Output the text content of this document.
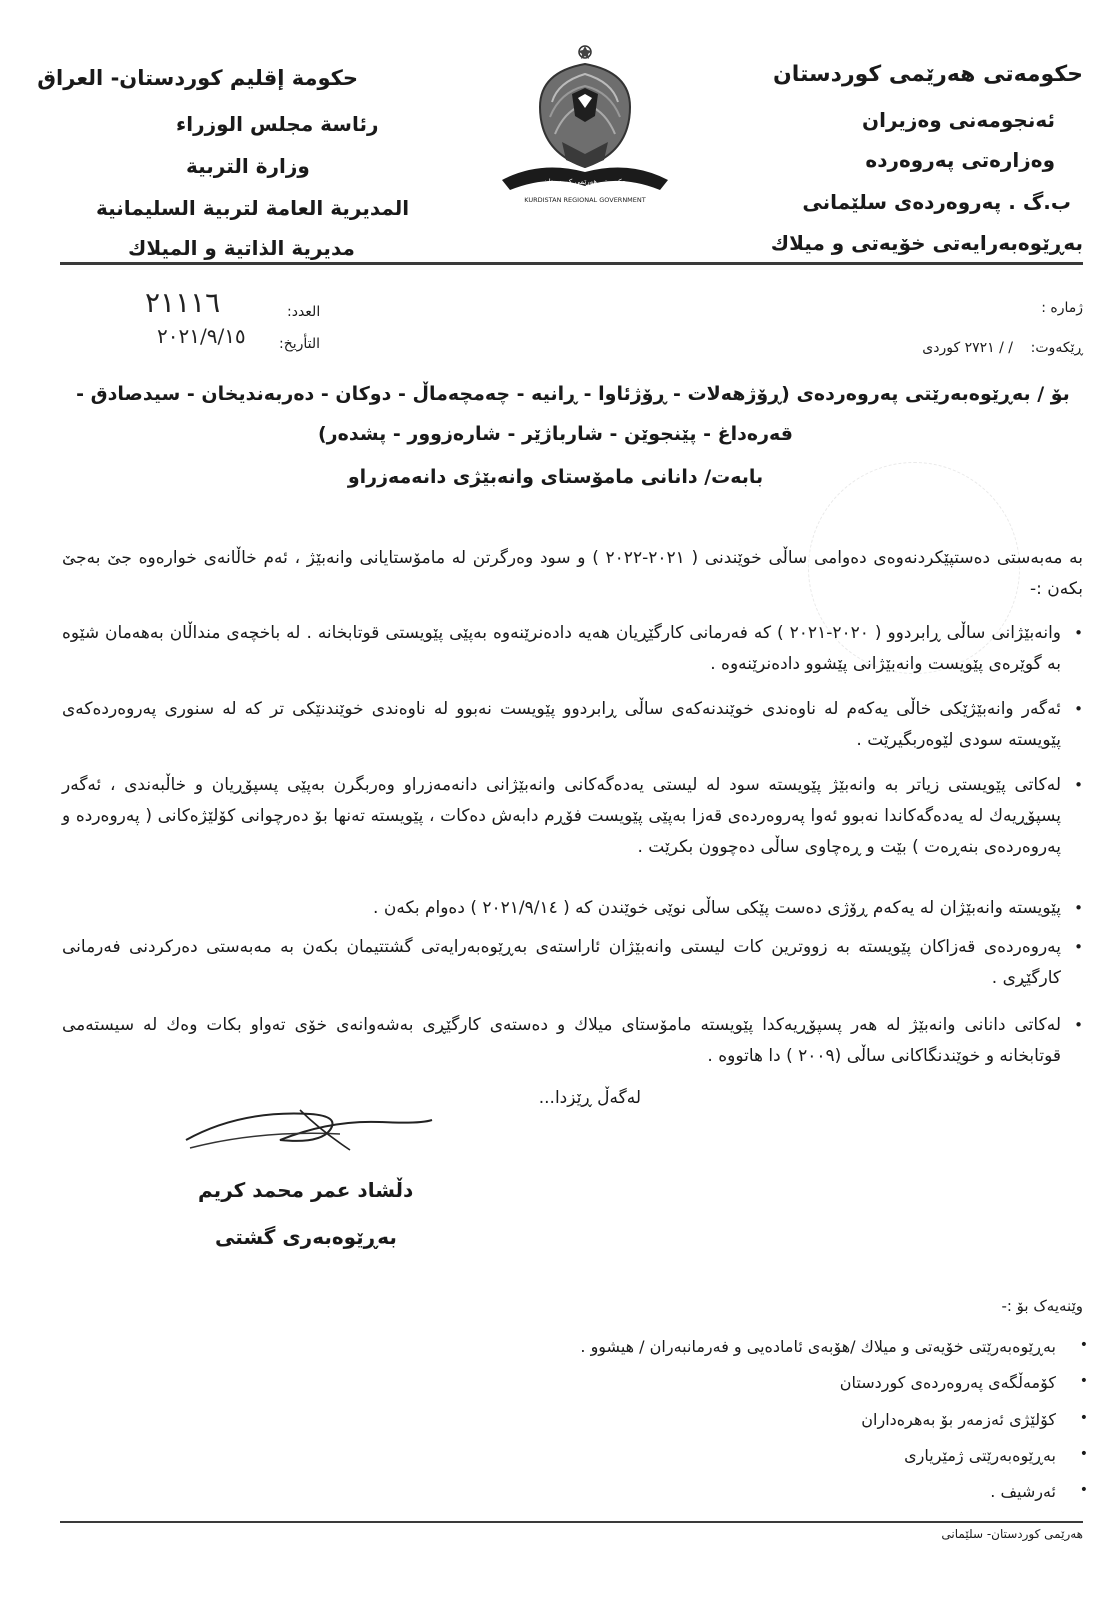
حکومەتی هەرێمی کوردستان
ئەنجومەنی وەزیران
وەزارەتی پەروەردە
ب.گ . پەروەردەی سلێمانی
بەڕێوەبەرایەتی خۆیەتی و میلاك
حكومة إقليم كوردستان- العراق
رئاسة مجلس الوزراء
وزارة التربية
المديرية العامة لتربية السليمانية
مديرية الذاتية و الميلاك
حکومەتی هەرێمی کوردستان
KURDISTAN REGIONAL GOVERNMENT
٢١١١٦	العدد:
٢٠٢١/٩/١٥ التأريخ:
ژمارە :
ڕێکەوت:
/ / ٢٧٢١ کوردی
بۆ / بەڕێوەبەرێتی پەروەردەی (ڕۆژهەلات - ڕۆژئاوا - ڕانیە - چەمچەماڵ - دوکان - دەربەندیخان - سیدصادق -
قەرەداغ - پێنجوێن - شارباژێر - شارەزوور - پشدەر)
بابەت/ دانانی مامۆستای وانەبێژی دانەمەزراو
بە مەبەستی دەستپێکردنەوەی دەوامی ساڵی خوێندنی ( ٢٠٢١-٢٠٢٢ ) و سود وەرگرتن لە مامۆستایانی وانەبێژ ، ئەم خاڵانەی خوارەوە جێ بەجێ بکەن :-
•
وانەبێژانی ساڵی ڕابردوو ( ٢٠٢٠-٢٠٢١ ) کە فەرمانی کارگێڕیان هەیە دادەنرێنەوە بەپێی پێویستی قوتابخانە . لە باخچەی منداڵان بەهەمان شێوە بە گوێرەی پێویست وانەبێژانی پێشوو دادەنرێنەوە .
•
ئەگەر وانەبێژێکی خاڵی یەکەم لە ناوەندی خوێندنەکەی ساڵی ڕابردوو پێویست نەبوو لە ناوەندی خوێندنێکی تر کە لە سنوری پەروەردەکەی پێویستە سودی لێوەربگیرێت .
•
لەکاتی پێویستی زیاتر بە وانەبێژ پێویستە سود لە لیستی یەدەگەکانی وانەبێژانی دانەمەزراو وەربگرن بەپێی پسپۆڕیان و خاڵبەندی ، ئەگەر پسپۆڕیەك لە یەدەگەکاندا نەبوو ئەوا پەروەردەی قەزا بەپێی پێویست فۆڕم دابەش دەکات ، پێویستە تەنها بۆ دەرچوانی کۆلێژەکانی ( پەروەردە و پەروەردەی بنەڕەت ) بێت و ڕەچاوی ساڵی دەچوون بکرێت .
•
پێویستە وانەبێژان لە یەکەم ڕۆژی دەست پێکی ساڵی نوێی خوێندن کە ( ٢٠٢١/٩/١٤ ) دەوام بکەن .
•
پەروەردەی قەزاکان پێویستە بە زووترین کات لیستی وانەبێژان ئاراستەی بەڕێوەبەرایەتی گشتتیمان بکەن بە مەبەستی دەرکردنی فەرمانی کارگێڕی .
•
لەکاتی دانانی وانەبێژ لە هەر پسپۆڕیەکدا پێویستە مامۆستای میلاك و دەستەی کارگێڕی بەشەوانەی خۆی تەواو بکات وەك لە سیستەمی قوتابخانە و خوێندنگاکانی ساڵی (٢٠٠٩ ) دا هاتووە .
لەگەڵ ڕێزدا...
دڵشاد عمر محمد كريم
بەڕێوەبەری گشتی
وێنەیەک بۆ :-
•
بەڕێوەبەرێتی خۆیەتی و میلاك /هۆبەی ئامادەیی و فەرمانبەران / هیشوو .
•
کۆمەڵگەی پەروەردەی کوردستان
•
کۆلێژی ئەزمەر بۆ بەهرەداران
•
بەڕێوەبەرێتی ژمێریاری
•
ئەرشیف .
هەرێمی کوردستان- سلێمانی
